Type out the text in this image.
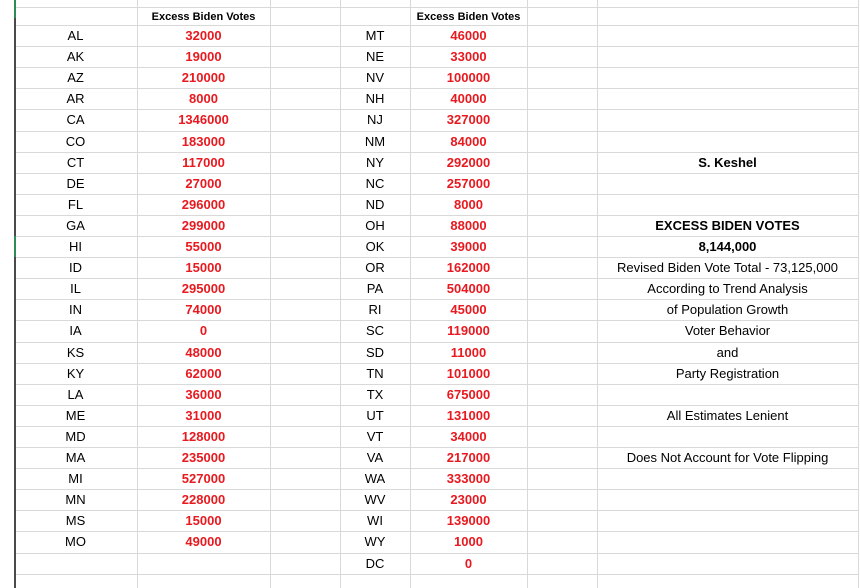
Excess Biden Votes	Excess Biden Votes
AL	32000
AK	19000
AZ	210000
AR	8000
CA	1346000
CO	183000
CT	117000
DE	27000
FL	296000
GA	299000
HI	55000
ID	15000
IL	295000
IN	74000
IA	0
KS	48000
KY	62000
LA	36000
ME	31000
MD	128000
MA	235000
MI	527000
MN	228000
MS	15000
MO	49000
MT	46000
NE	33000
NV	100000
NH	40000
NJ	327000
NM	84000
NY	292000
NC	257000
ND	8000
OH	88000
OK	39000
OR	162000
PA	504000
RI	45000
SC	119000
SD	11000
TN	101000
TX	675000
UT	131000
VT	34000
VA	217000
WA	333000
WV	23000
WI	139000
WY	1000
DC	0
S. Keshel
EXCESS BIDEN VOTES
8,144,000
Revised Biden Vote Total - 73,125,000
According to Trend Analysis
of Population Growth
Voter Behavior
and
Party Registration
All Estimates Lenient
Does Not Account for Vote Flipping
